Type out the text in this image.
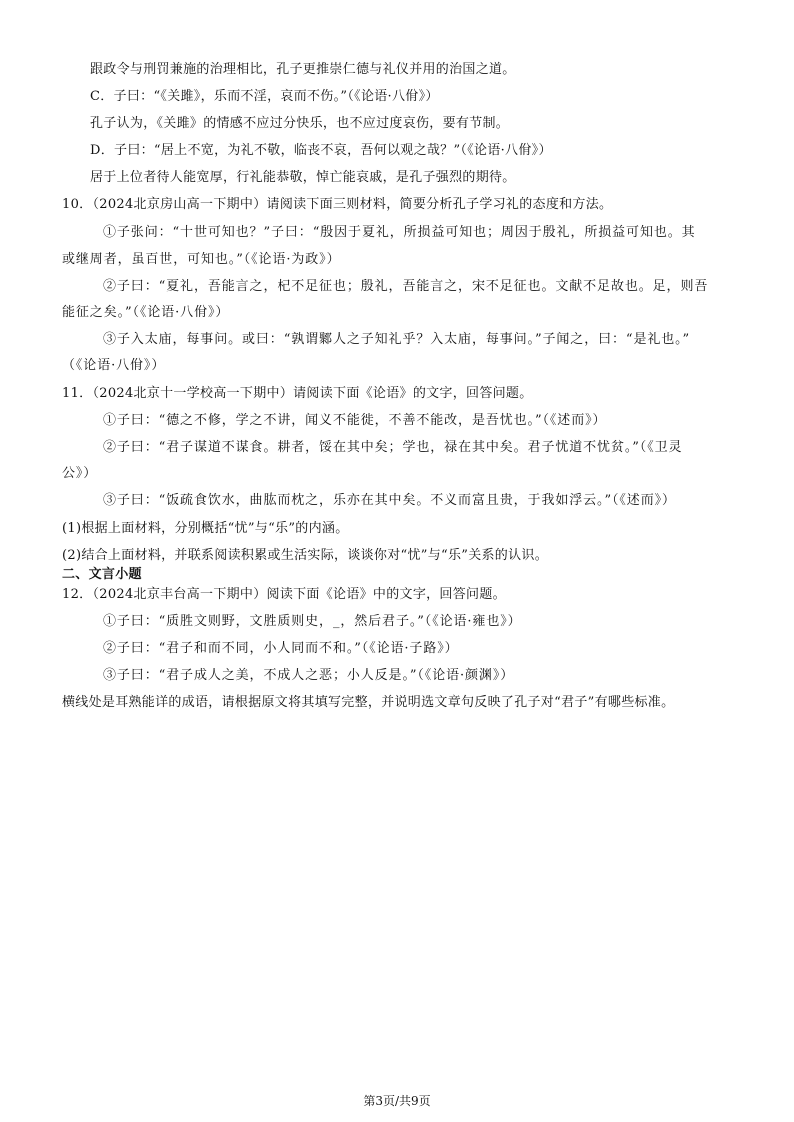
跟政令与刑罚兼施的治理相比，孔子更推崇仁德与礼仪并用的治国之道。
C．子曰：“《关雎》，乐而不淫，哀而不伤。”（《论语·八佾》）
孔子认为，《关雎》的情感不应过分快乐，也不应过度哀伤，要有节制。
D．子曰：“居上不宽，为礼不敬，临丧不哀，吾何以观之哉？”（《论语·八佾》）
居于上位者待人能宽厚，行礼能恭敬，悼亡能哀戚，是孔子强烈的期待。
10．（2024北京房山高一下期中）请阅读下面三则材料，简要分析孔子学习礼的态度和方法。
①子张问：“十世可知也？”子曰：“殷因于夏礼，所损益可知也；周因于殷礼，所损益可知也。其
或继周者，虽百世，可知也。”（《论语·为政》）
②子曰：“夏礼，吾能言之，杞不足征也；殷礼，吾能言之，宋不足征也。文献不足故也。足，则吾
能征之矣。”（《论语·八佾》）
③子入太庙，每事问。或曰：“孰谓鄹人之子知礼乎？入太庙，每事问。”子闻之，曰：“是礼也。”
（《论语·八佾》）
11．（2024北京十一学校高一下期中）请阅读下面《论语》的文字，回答问题。
①子曰：“德之不修，学之不讲，闻义不能徙，不善不能改，是吾忧也。”（《述而》）
②子曰：“君子谋道不谋食。耕者，馁在其中矣；学也，禄在其中矣。君子忧道不忧贫。”（《卫灵
公》）
③子曰：“饭疏食饮水，曲肱而枕之，乐亦在其中矣。不义而富且贵，于我如浮云。”（《述而》）
(1)根据上面材料，分别概括“忧”与“乐”的内涵。
(2)结合上面材料，并联系阅读积累或生活实际，谈谈你对“忧”与“乐”关系的认识。
二、文言小题
12．（2024北京丰台高一下期中）阅读下面《论语》中的文字，回答问题。
①子曰：“质胜文则野，文胜质则史，_，然后君子。”（《论语·雍也》）
②子曰：“君子和而不同，小人同而不和。”（《论语·子路》）
③子曰：“君子成人之美，不成人之恶；小人反是。”（《论语·颜渊》）
横线处是耳熟能详的成语，请根据原文将其填写完整，并说明选文章句反映了孔子对“君子”有哪些标准。
第3页/共9页
